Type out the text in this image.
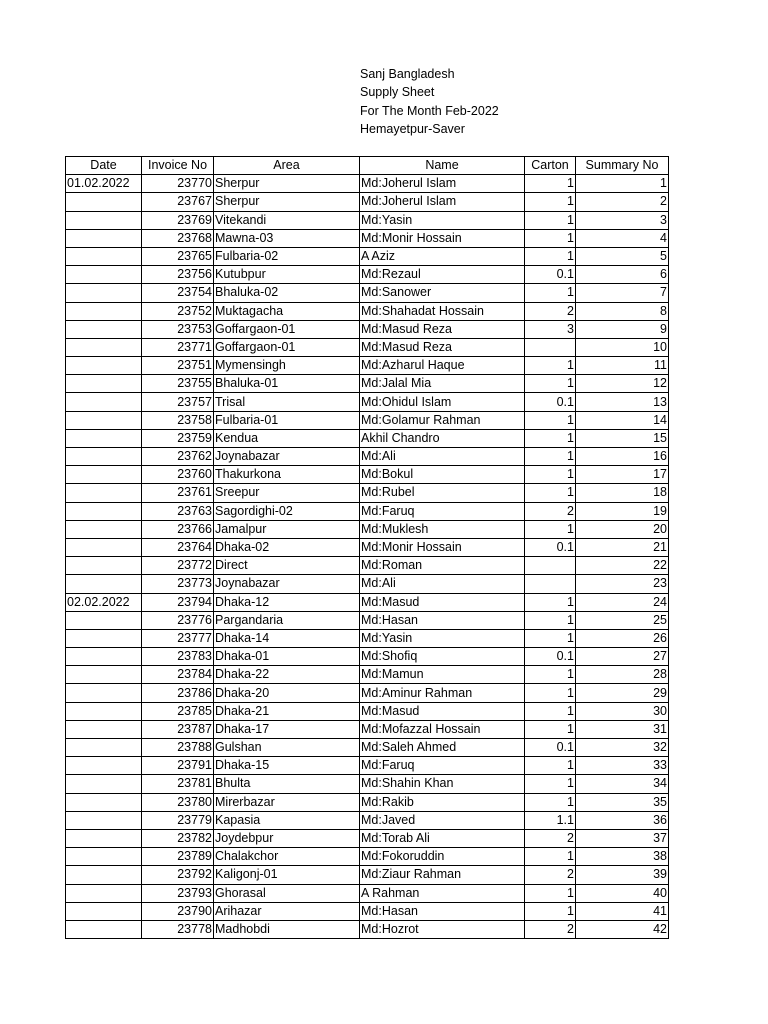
Sanj Bangladesh
Supply Sheet
For The Month Feb-2022
Hemayetpur-Saver
Date	Invoice No	Area	Name	Carton	Summary No
01.02.2022	23770	Sherpur	Md:Joherul Islam	1	1
	23767	Sherpur	Md:Joherul Islam	1	2
	23769	Vitekandi	Md:Yasin	1	3
	23768	Mawna-03	Md:Monir Hossain	1	4
	23765	Fulbaria-02	A Aziz	1	5
	23756	Kutubpur	Md:Rezaul	0.1	6
	23754	Bhaluka-02	Md:Sanower	1	7
	23752	Muktagacha	Md:Shahadat Hossain	2	8
	23753	Goffargaon-01	Md:Masud Reza	3	9
	23771	Goffargaon-01	Md:Masud Reza		10
	23751	Mymensingh	Md:Azharul Haque	1	11
	23755	Bhaluka-01	Md:Jalal Mia	1	12
	23757	Trisal	Md:Ohidul Islam	0.1	13
	23758	Fulbaria-01	Md:Golamur Rahman	1	14
	23759	Kendua	Akhil Chandro	1	15
	23762	Joynabazar	Md:Ali	1	16
	23760	Thakurkona	Md:Bokul	1	17
	23761	Sreepur	Md:Rubel	1	18
	23763	Sagordighi-02	Md:Faruq	2	19
	23766	Jamalpur	Md:Muklesh	1	20
	23764	Dhaka-02	Md:Monir Hossain	0.1	21
	23772	Direct	Md:Roman		22
	23773	Joynabazar	Md:Ali		23
02.02.2022	23794	Dhaka-12	Md:Masud	1	24
	23776	Pargandaria	Md:Hasan	1	25
	23777	Dhaka-14	Md:Yasin	1	26
	23783	Dhaka-01	Md:Shofiq	0.1	27
	23784	Dhaka-22	Md:Mamun	1	28
	23786	Dhaka-20	Md:Aminur Rahman	1	29
	23785	Dhaka-21	Md:Masud	1	30
	23787	Dhaka-17	Md:Mofazzal Hossain	1	31
	23788	Gulshan	Md:Saleh Ahmed	0.1	32
	23791	Dhaka-15	Md:Faruq	1	33
	23781	Bhulta	Md:Shahin Khan	1	34
	23780	Mirerbazar	Md:Rakib	1	35
	23779	Kapasia	Md:Javed	1.1	36
	23782	Joydebpur	Md:Torab Ali	2	37
	23789	Chalakchor	Md:Fokoruddin	1	38
	23792	Kaligonj-01	Md:Ziaur Rahman	2	39
	23793	Ghorasal	A Rahman	1	40
	23790	Arihazar	Md:Hasan	1	41
	23778	Madhobdi	Md:Hozrot	2	42
